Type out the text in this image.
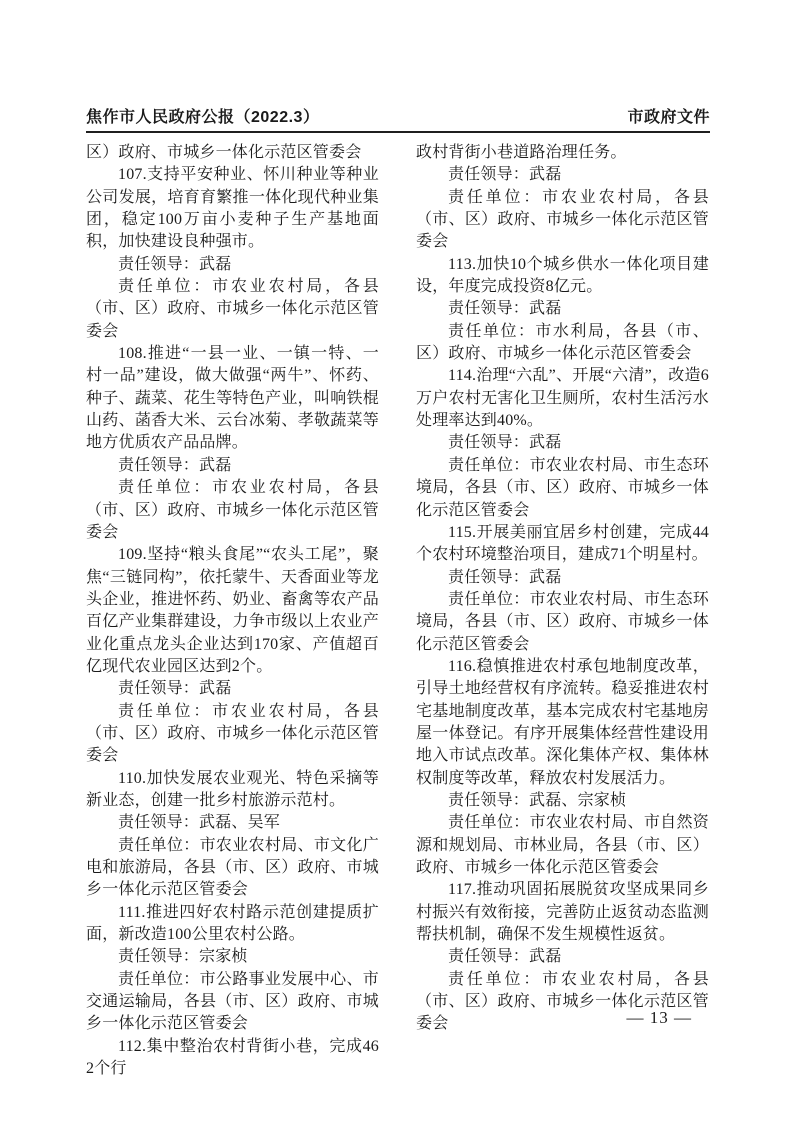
焦作市人民政府公报（2022.3）	市政府文件

区）政府、市城乡一体化示范区管委会

107.支持平安种业、怀川种业等种业公司发展，培育育繁推一体化现代种业集团，稳定100万亩小麦种子生产基地面积，加快建设良种强市。

责任领导：武磊

责任单位：市农业农村局，各县（市、区）政府、市城乡一体化示范区管委会

108.推进“一县一业、一镇一特、一村一品”建设，做大做强“两牛”、怀药、种子、蔬菜、花生等特色产业，叫响铁棍山药、菡香大米、云台冰菊、孝敬蔬菜等地方优质农产品品牌。

责任领导：武磊

责任单位：市农业农村局，各县（市、区）政府、市城乡一体化示范区管委会

109.坚持“粮头食尾”“农头工尾”，聚焦“三链同构”，依托蒙牛、天香面业等龙头企业，推进怀药、奶业、畜禽等农产品百亿产业集群建设，力争市级以上农业产业化重点龙头企业达到170家、产值超百亿现代农业园区达到2个。

责任领导：武磊

责任单位：市农业农村局，各县（市、区）政府、市城乡一体化示范区管委会

110.加快发展农业观光、特色采摘等新业态，创建一批乡村旅游示范村。

责任领导：武磊、吴军

责任单位：市农业农村局、市文化广电和旅游局，各县（市、区）政府、市城乡一体化示范区管委会

111.推进四好农村路示范创建提质扩面，新改造100公里农村公路。

责任领导：宗家桢

责任单位：市公路事业发展中心、市交通运输局，各县（市、区）政府、市城乡一体化示范区管委会

112.集中整治农村背街小巷，完成462个行

政村背街小巷道路治理任务。

责任领导：武磊

责任单位：市农业农村局，各县（市、区）政府、市城乡一体化示范区管委会

113.加快10个城乡供水一体化项目建设，年度完成投资8亿元。

责任领导：武磊

责任单位：市水利局，各县（市、区）政府、市城乡一体化示范区管委会

114.治理“六乱”、开展“六清”，改造6万户农村无害化卫生厕所，农村生活污水处理率达到40%。

责任领导：武磊

责任单位：市农业农村局、市生态环境局，各县（市、区）政府、市城乡一体化示范区管委会

115.开展美丽宜居乡村创建，完成44个农村环境整治项目，建成71个明星村。

责任领导：武磊

责任单位：市农业农村局、市生态环境局，各县（市、区）政府、市城乡一体化示范区管委会

116.稳慎推进农村承包地制度改革，引导土地经营权有序流转。稳妥推进农村宅基地制度改革，基本完成农村宅基地房屋一体登记。有序开展集体经营性建设用地入市试点改革。深化集体产权、集体林权制度等改革，释放农村发展活力。

责任领导：武磊、宗家桢

责任单位：市农业农村局、市自然资源和规划局、市林业局，各县（市、区）政府、市城乡一体化示范区管委会

117.推动巩固拓展脱贫攻坚成果同乡村振兴有效衔接，完善防止返贫动态监测帮扶机制，确保不发生规模性返贫。

责任领导：武磊

责任单位：市农业农村局，各县（市、区）政府、市城乡一体化示范区管委会	— 13 —
